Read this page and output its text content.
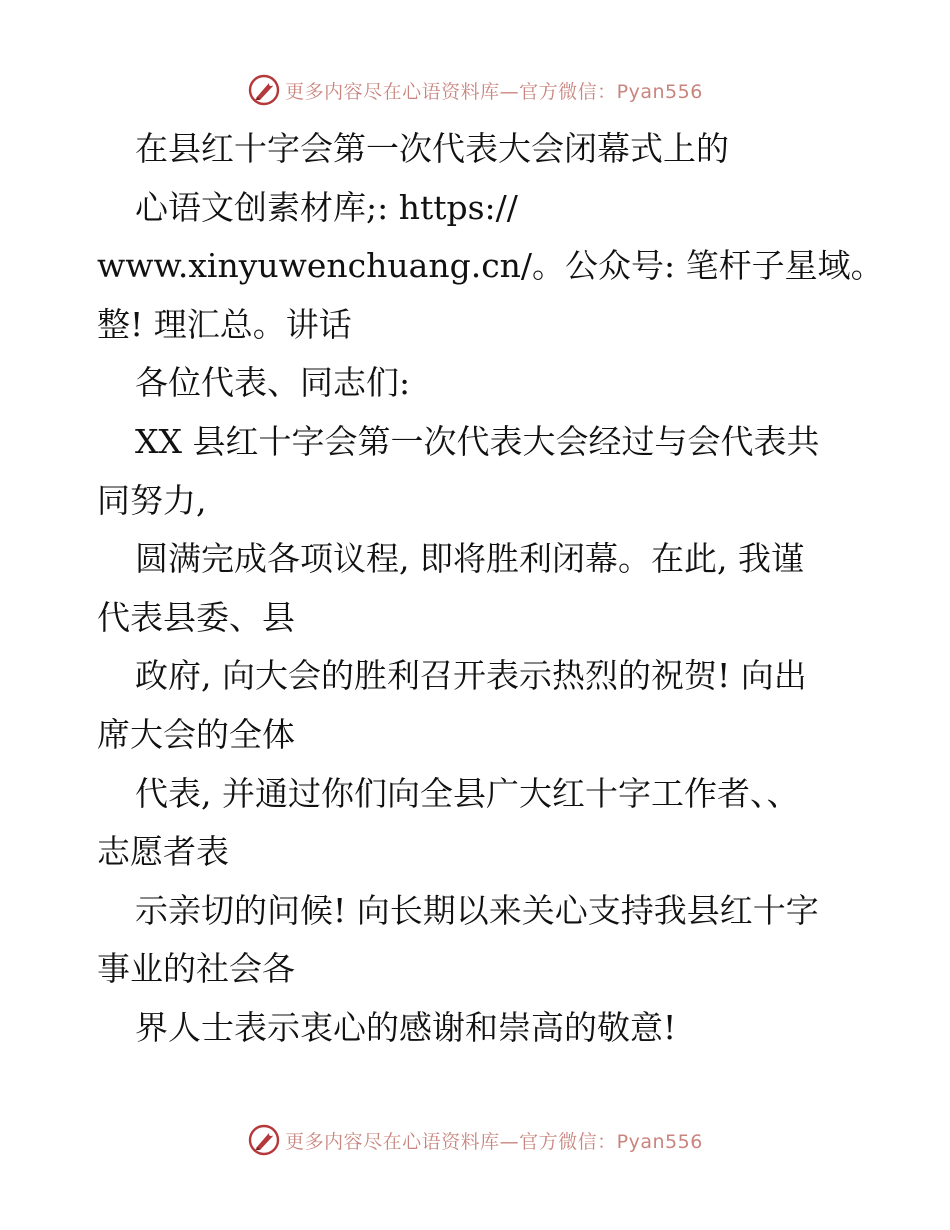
更多内容尽在心语资料库—官方微信：Pyan556
在县红十字会第一次代表大会闭幕式上的
心语文创素材库;: https://
www.xinyuwenchuang.cn/。公众号: 笔杆子星域。
整! 理汇总。讲话
各位代表、同志们:
XX 县红十字会第一次代表大会经过与会代表共
同努力,
圆满完成各项议程, 即将胜利闭幕。在此, 我谨
代表县委、县
政府, 向大会的胜利召开表示热烈的祝贺! 向出
席大会的全体
代表, 并通过你们向全县广大红十字工作者、、
志愿者表
示亲切的问候! 向长期以来关心支持我县红十字
事业的社会各
界人士表示衷心的感谢和崇高的敬意!
更多内容尽在心语资料库—官方微信：Pyan556
